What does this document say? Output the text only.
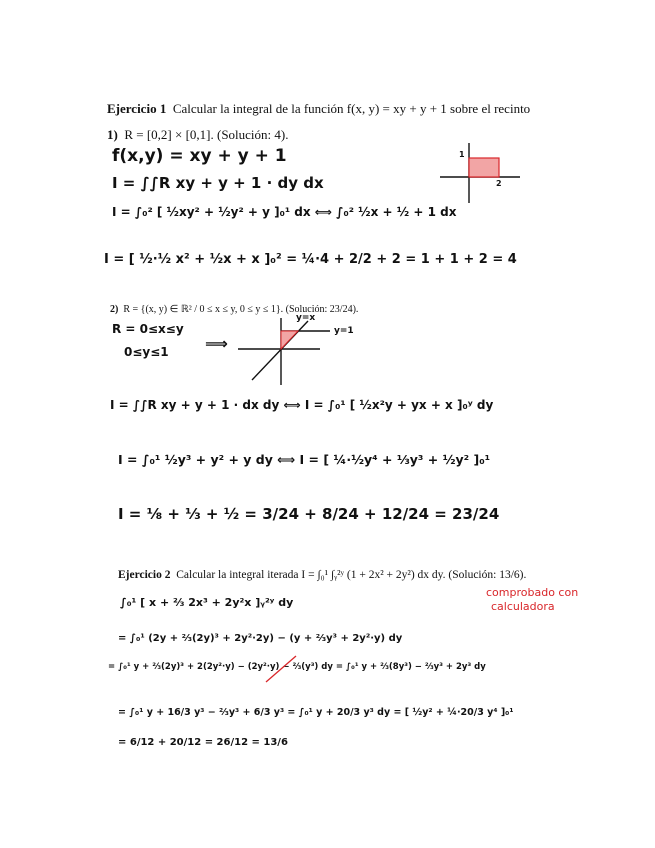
Ejercicio 1 Calcular la integral de la función f(x, y) = xy + y + 1 sobre el recinto
1) R = [0,2] × [0,1]. (Solución: 4).
f(x,y) = xy + y + 1
I = ∫∫R xy + y + 1 · dy dx
I = ∫₀² [ ½xy² + ½y² + y ]₀¹ dx ⟺ ∫₀² ½x + ½ + 1 dx
I = [ ½·½ x² + ½x + x ]₀² = ¼·4 + 2/2 + 2 = 1 + 1 + 2 = 4
1
2
2) R = {(x, y) ∈ ℝ² / 0 ≤ x ≤ y, 0 ≤ y ≤ 1}. (Solución: 23/24).
R = 0≤x≤y
0≤y≤1 ⟹
y=x
y=1
I = ∫∫R xy + y + 1 · dx dy ⟺ I = ∫₀¹ [ ½x²y + yx + x ]₀ʸ dy
I = ∫₀¹ ½y³ + y² + y dy ⟺ I = [ ¼·½y⁴ + ⅓y³ + ½y² ]₀¹
I = ⅛ + ⅓ + ½ = 3/24 + 8/24 + 12/24 = 23/24
Ejercicio 2 Calcular la integral iterada I = ∫₀¹ ∫ᵧ²ʸ (1 + 2x² + 2y²) dx dy. (Solución: 13/6).
comprobado con
calculadora
∫₀¹ [ x + ⅔ 2x³ + 2y²x ]ᵧ²ʸ dy
= ∫₀¹ (2y + ⅔(2y)³ + 2y²·2y) − (y + ⅔y³ + 2y²·y) dy
= ∫₀¹ y + ⅔(2y)³ + 2(2y²·y) − (2y²·y) − ⅔(y³) dy = ∫₀¹ y + ⅔(8y³) − ⅔y³ + 2y³ dy
= ∫₀¹ y + 16/3 y³ − ⅔y³ + 6/3 y³ = ∫₀¹ y + 20/3 y³ dy = [ ½y² + ¼·20/3 y⁴ ]₀¹
= 6/12 + 20/12 = 26/12 = 13/6
